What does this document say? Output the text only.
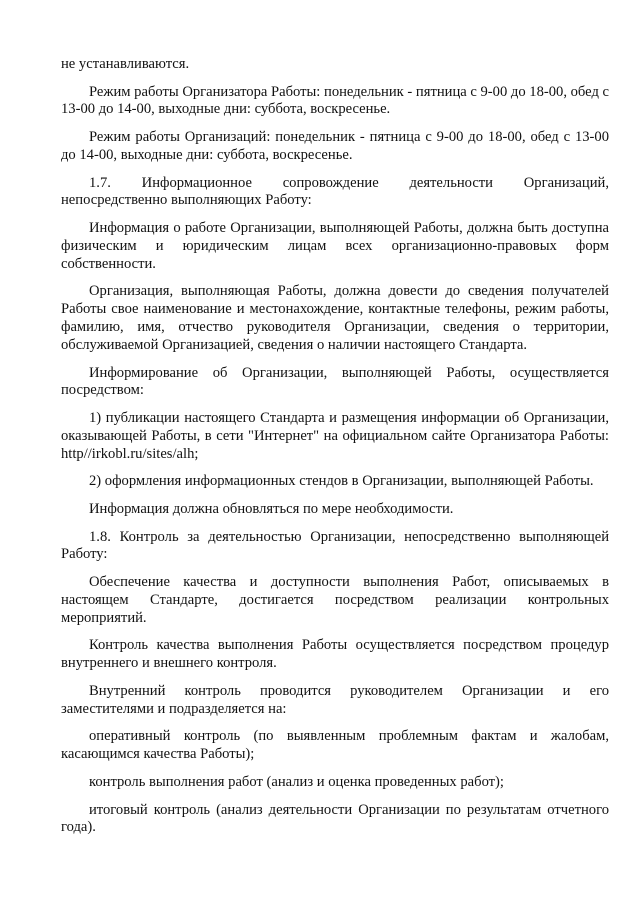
не устанавливаются.

Режим работы Организатора Работы: понедельник - пятница с 9-00 до 18-00, обед с 13-00 до 14-00, выходные дни: суббота, воскресенье.

Режим работы Организаций: понедельник - пятница с 9-00 до 18-00, обед с 13-00 до 14-00, выходные дни: суббота, воскресенье.

1.7. Информационное сопровождение деятельности Организаций, непосредственно выполняющих Работу:

Информация о работе Организации, выполняющей Работы, должна быть доступна физическим и юридическим лицам всех организационно-правовых форм собственности.

Организация, выполняющая Работы, должна довести до сведения получателей Работы свое наименование и местонахождение, контактные телефоны, режим работы, фамилию, имя, отчество руководителя Организации, сведения о территории, обслуживаемой Организацией, сведения о наличии настоящего Стандарта.

Информирование об Организации, выполняющей Работы, осуществляется посредством:

1) публикации настоящего Стандарта и размещения информации об Организации, оказывающей Работы, в сети "Интернет" на официальном сайте Организатора Работы: http//irkobl.ru/sites/alh;

2) оформления информационных стендов в Организации, выполняющей Работы.

Информация должна обновляться по мере необходимости.

1.8. Контроль за деятельностью Организации, непосредственно выполняющей Работу:

Обеспечение качества и доступности выполнения Работ, описываемых в настоящем Стандарте, достигается посредством реализации контрольных мероприятий.

Контроль качества выполнения Работы осуществляется посредством процедур внутреннего и внешнего контроля.

Внутренний контроль проводится руководителем Организации и его заместителями и подразделяется на:

оперативный контроль (по выявленным проблемным фактам и жалобам, касающимся качества Работы);

контроль выполнения работ (анализ и оценка проведенных работ);

итоговый контроль (анализ деятельности Организации по результатам отчетного года).
